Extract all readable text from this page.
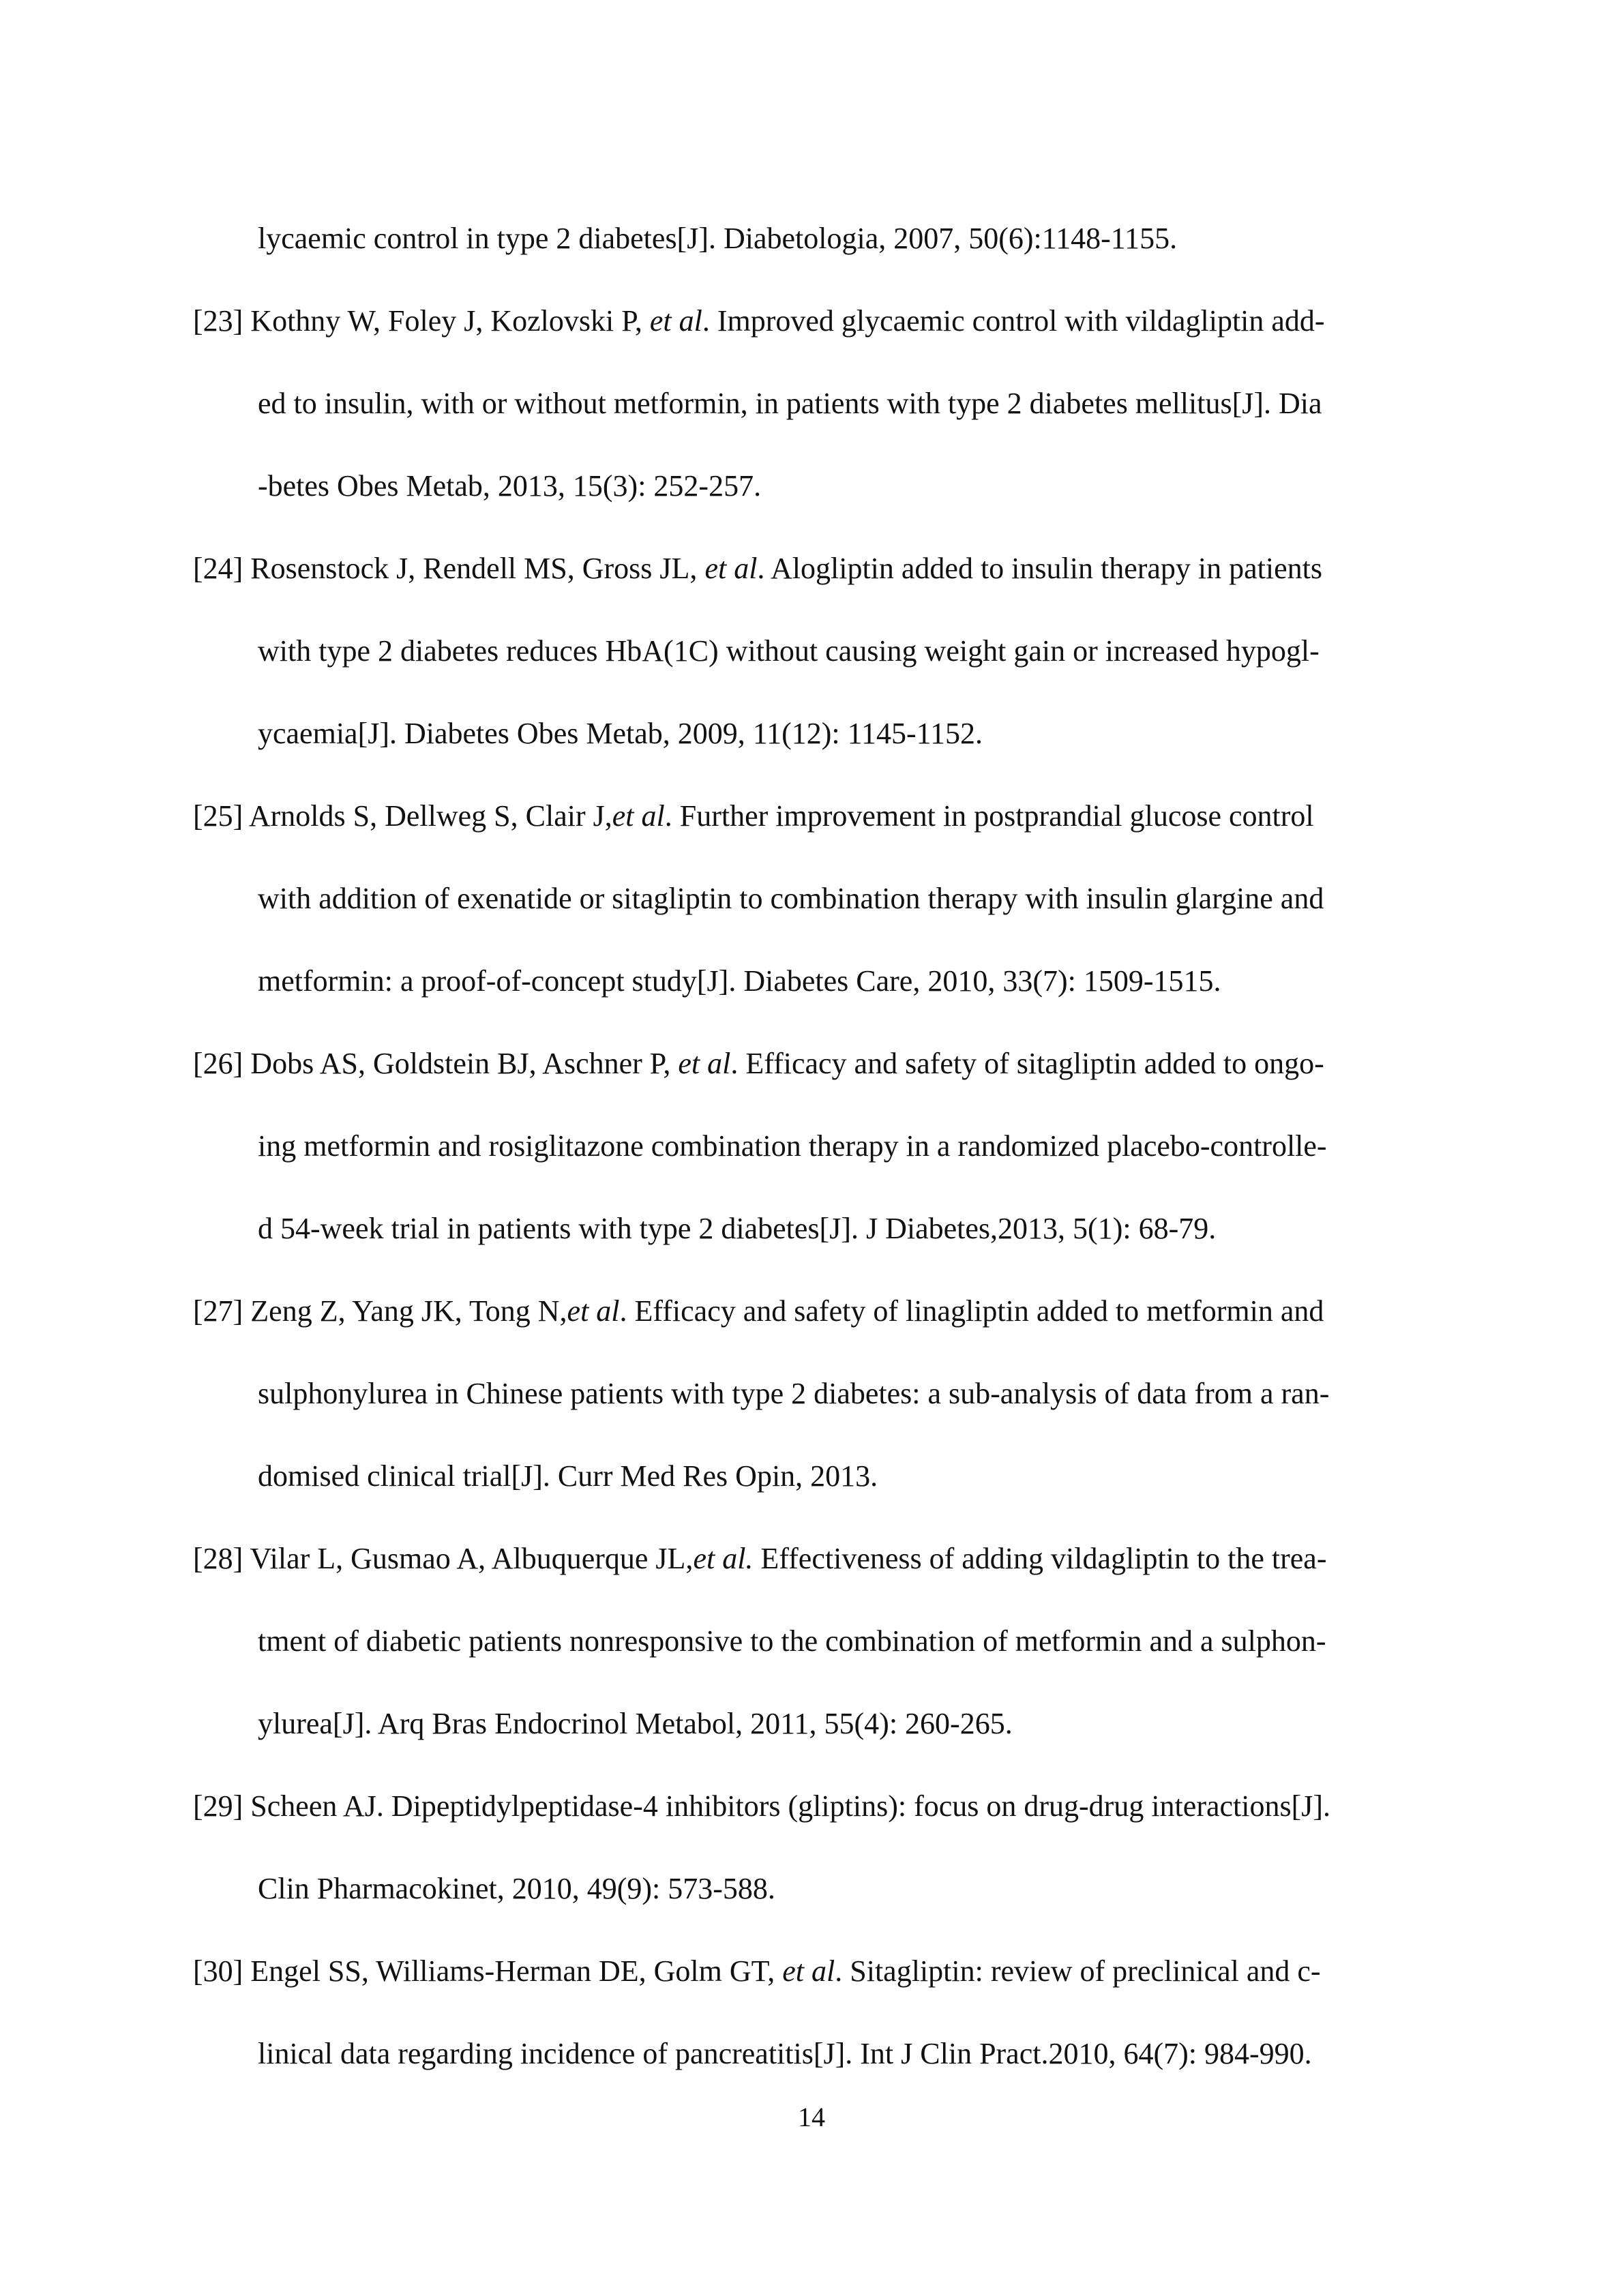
lycaemic control in type 2 diabetes[J]. Diabetologia, 2007, 50(6):1148-1155.
[23] Kothny W, Foley J, Kozlovski P, et al. Improved glycaemic control with vildagliptin add-
ed to insulin, with or without metformin, in patients with type 2 diabetes mellitus[J]. Dia
-betes Obes Metab, 2013, 15(3): 252-257.
[24] Rosenstock J, Rendell MS, Gross JL, et al. Alogliptin added to insulin therapy in patients
with type 2 diabetes reduces HbA(1C) without causing weight gain or increased hypogl-
ycaemia[J]. Diabetes Obes Metab, 2009, 11(12): 1145-1152.
[25] Arnolds S, Dellweg S, Clair J,et al. Further improvement in postprandial glucose control
with addition of exenatide or sitagliptin to combination therapy with insulin glargine and
metformin: a proof-of-concept study[J]. Diabetes Care, 2010, 33(7): 1509-1515.
[26] Dobs AS, Goldstein BJ, Aschner P, et al. Efficacy and safety of sitagliptin added to ongo-
ing metformin and rosiglitazone combination therapy in a randomized placebo-controlle-
d 54-week trial in patients with type 2 diabetes[J]. J Diabetes,2013, 5(1): 68-79.
[27] Zeng Z, Yang JK, Tong N,et al. Efficacy and safety of linagliptin added to metformin and
sulphonylurea in Chinese patients with type 2 diabetes: a sub-analysis of data from a ran-
domised clinical trial[J]. Curr Med Res Opin, 2013.
[28] Vilar L, Gusmao A, Albuquerque JL,et al. Effectiveness of adding vildagliptin to the trea-
tment of diabetic patients nonresponsive to the combination of metformin and a sulphon-
ylurea[J]. Arq Bras Endocrinol Metabol, 2011, 55(4): 260-265.
[29] Scheen AJ. Dipeptidylpeptidase-4 inhibitors (gliptins): focus on drug-drug interactions[J].
Clin Pharmacokinet, 2010, 49(9): 573-588.
[30] Engel SS, Williams-Herman DE, Golm GT, et al. Sitagliptin: review of preclinical and c-
linical data regarding incidence of pancreatitis[J]. Int J Clin Pract.2010, 64(7): 984-990.
14
